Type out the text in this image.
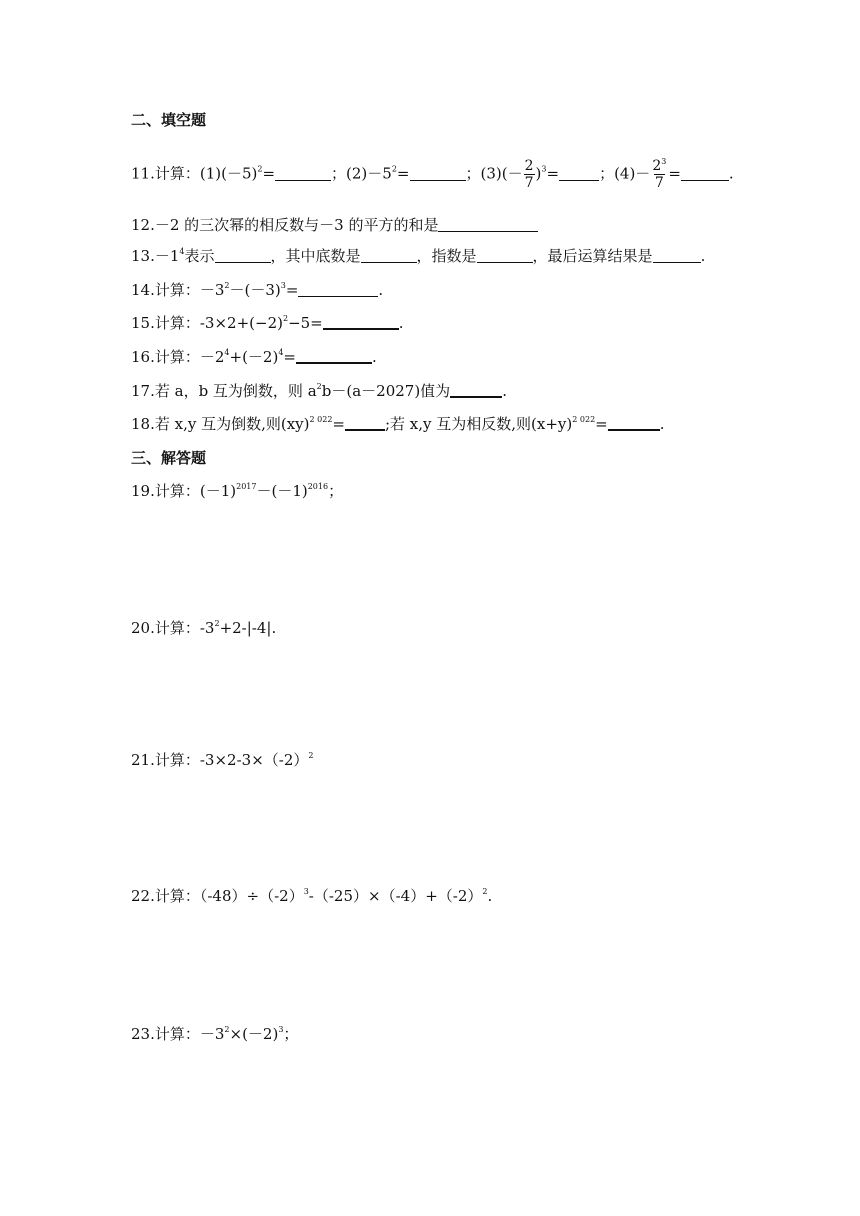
二、填空题
11.计算：$(1)(-5)^2=$	；$(2)-5^2=$	；$(3)(- \frac{2}{7} )^3=$	；$(4)- \frac{2^3}{7}$ =	.
12.－2 的三次幂的相反数与－3 的平方的和是
$13.-1^4$表示	，其中底数是	，指数是	，最后运算结果是	.
14.计算：$-3^2-(-3)^3=$	.
15.计算：$-3\times 2+(-2)^2-5=$	.
16.计算：$-2^4+(-2)^4=$	.
17.若 a，b 互为倒数，则 $a^2b-(a-2027)$值为	.
18.若 x,y 互为倒数,则(xy)$^{2 022}$=	;若 x,y 互为相反数,则$(x+y)^{2 022}=$	.
三、解答题
19.计算：$(-1)^{2017}-(-1)^{2016}$；
20.计算：$-3^2+2-|-4|$.
21.计算：$-3\times 2-3\times(-2)^2$
22.计算：$(-48)\div(-2)^3-(-25)\times(-4)+(-2)^2$.
23.计算：$-3^2\times(-2)^3$；
